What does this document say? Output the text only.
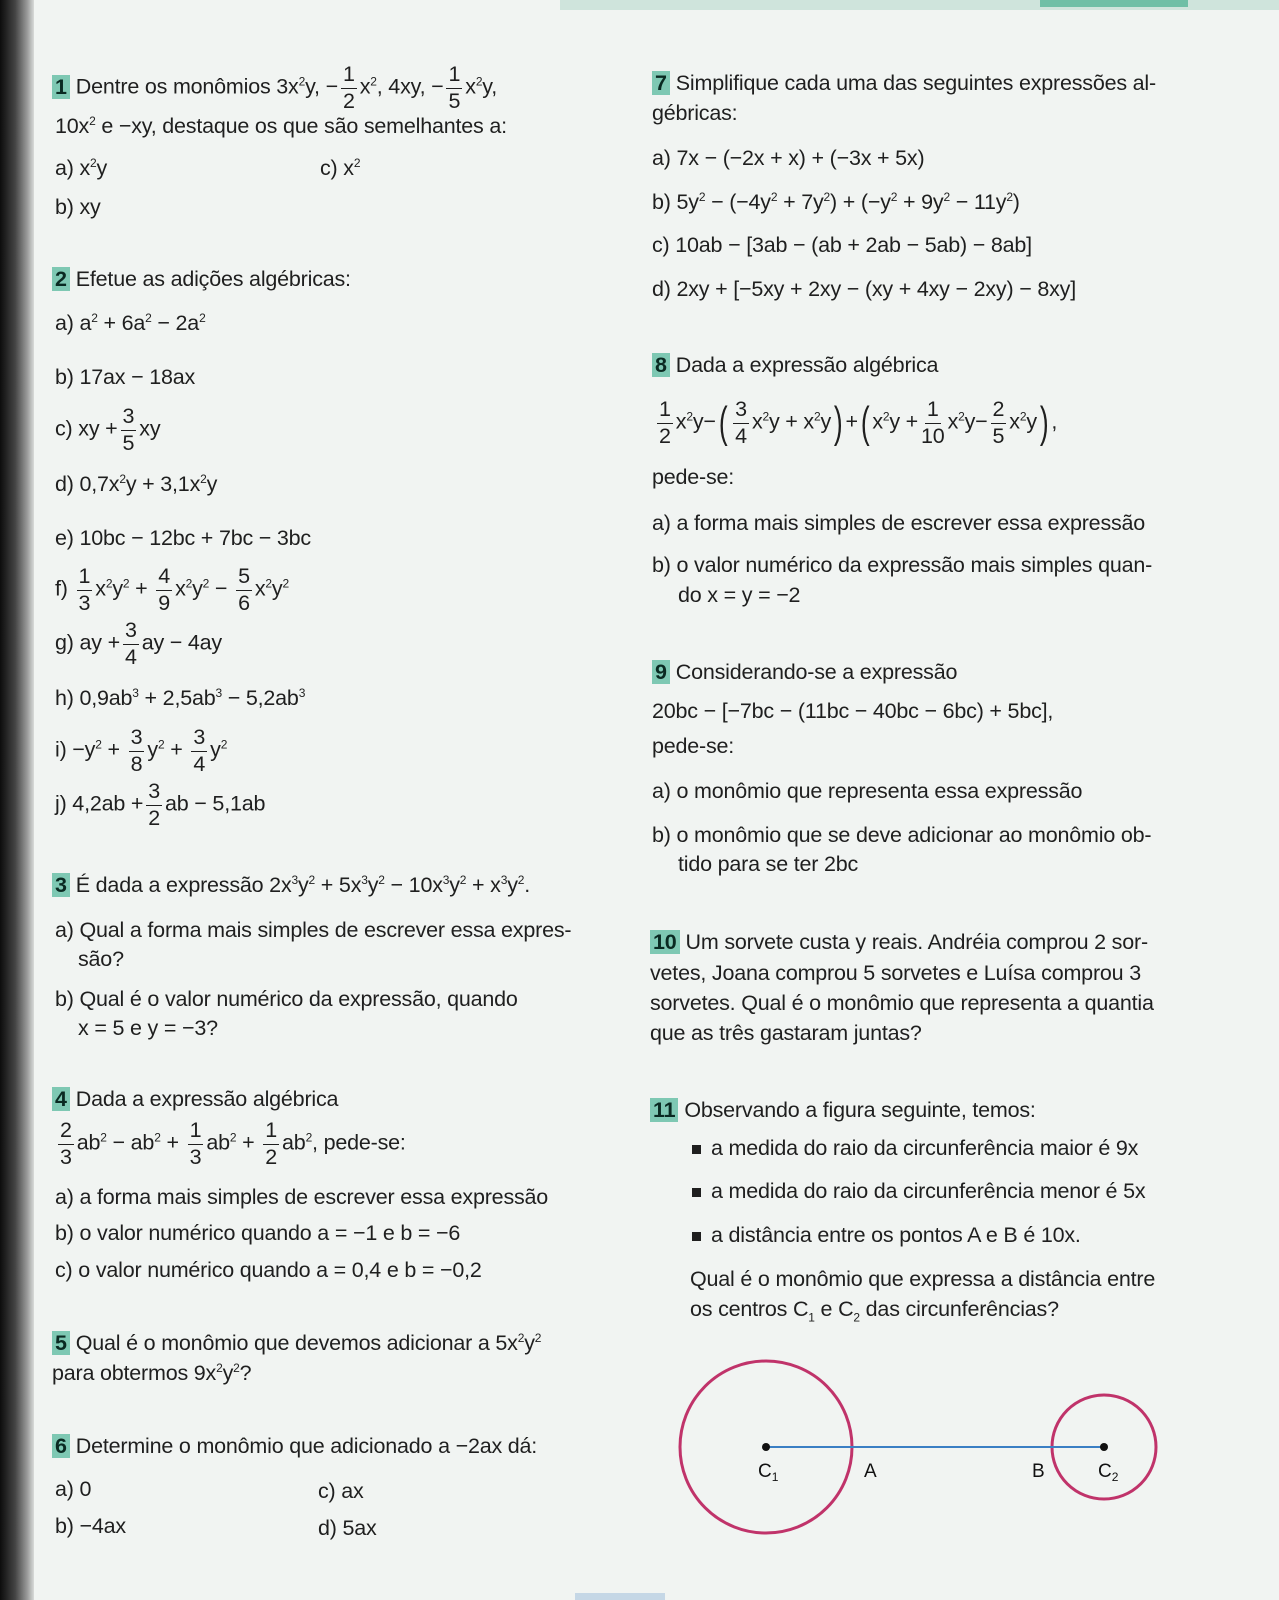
1 Dentre os monômios $3x^2y$, − $\frac{1}{2} x^2$, 4xy, − $\frac{1}{5} x^2y$,
$10x^2$ e −xy, destaque os que são semelhantes a:
a) $x^2y$	c) $x^2$
b) xy
2 Efetue as adições algébricas:
a) $a^2 + 6a^2 - 2a^2$
b) 17ax − 18ax
c) xy + $\frac{3}{5}$ xy
d) $0,7x^2y + 3,1x^2y$
e) 10bc − 12bc + 7bc − 3bc
$f) \frac{1}{3} x^2y^2 + \frac{4}{9} x^2y^2 - \frac{5}{6} x^2y^2$
g) ay + $\frac{3}{4}$ ay − 4ay
h) $0,9ab^3 + 2,5ab^3 - 5,2ab^3$
$i) -y^2 + \frac{3}{8} y^2 + \frac{3}{4} y^2$
j) $4,2ab + \frac{3}{2}$ ab − 5,1ab
3 É dada a expressão $2x^3y^2 + 5x^3y^2 - 10x^3y^2 + x^3y^2$.
a) Qual a forma mais simples de escrever essa expres-
são?
b) Qual é o valor numérico da expressão, quando
x = 5 e y = −3?
4 Dada a expressão algébrica
$\frac{2}{3} ab^2 - ab^2 + \frac{1}{3} ab^2 + \frac{1}{2} ab^2$, pede-se:
a) a forma mais simples de escrever essa expressão
b) o valor numérico quando a = −1 e b = −6
c) o valor numérico quando a = 0,4 e b = −0,2
5 Qual é o monômio que devemos adicionar a $5x^2y^2$
para obtermos $9x^2y^2$?
6 Determine o monômio que adicionado a −2ax dá:
a) 0	c) ax
b) −4ax	d) 5ax
7 Simplifique cada uma das seguintes expressões al-
gébricas:
a) 7x − (−2x + x) + (−3x + 5x)
b) $5y^2 - (-4y^2 + 7y^2) + (-y^2 + 9y^2 - 11y^2)$
c) 10ab − [3ab − (ab + 2ab − 5ab) − 8ab]
d) 2xy + [−5xy + 2xy − (xy + 4xy − 2xy) − 8xy]
8 Dada a expressão algébrica
$\frac{1}{2} x^2y-( \frac{3}{4} x^2y + x^2y)$ +( $x^2y + \frac{1}{10} x^2y- \frac{2}{5} x^2y$) ,
pede-se:
a) a forma mais simples de escrever essa expressão
b) o valor numérico da expressão mais simples quan-
do x = y = −2
9 Considerando-se a expressão
20bc − [−7bc − (11bc − 40bc − 6bc) + 5bc],
pede-se:
a) o monômio que representa essa expressão
b) o monômio que se deve adicionar ao monômio ob-
tido para se ter 2bc
10 Um sorvete custa y reais. Andréia comprou 2 sor-
vetes, Joana comprou 5 sorvetes e Luísa comprou 3
sorvetes. Qual é o monômio que representa a quantia
que as três gastaram juntas?
11 Observando a figura seguinte, temos:
a medida do raio da circunferência maior é 9x
a medida do raio da circunferência menor é 5x
a distância entre os pontos A e B é 10x.
Qual é o monômio que expressa a distância entre
os centros $C_1$ e $C_2$ das circunferências?
$C_1$	A	B	$C_2$
